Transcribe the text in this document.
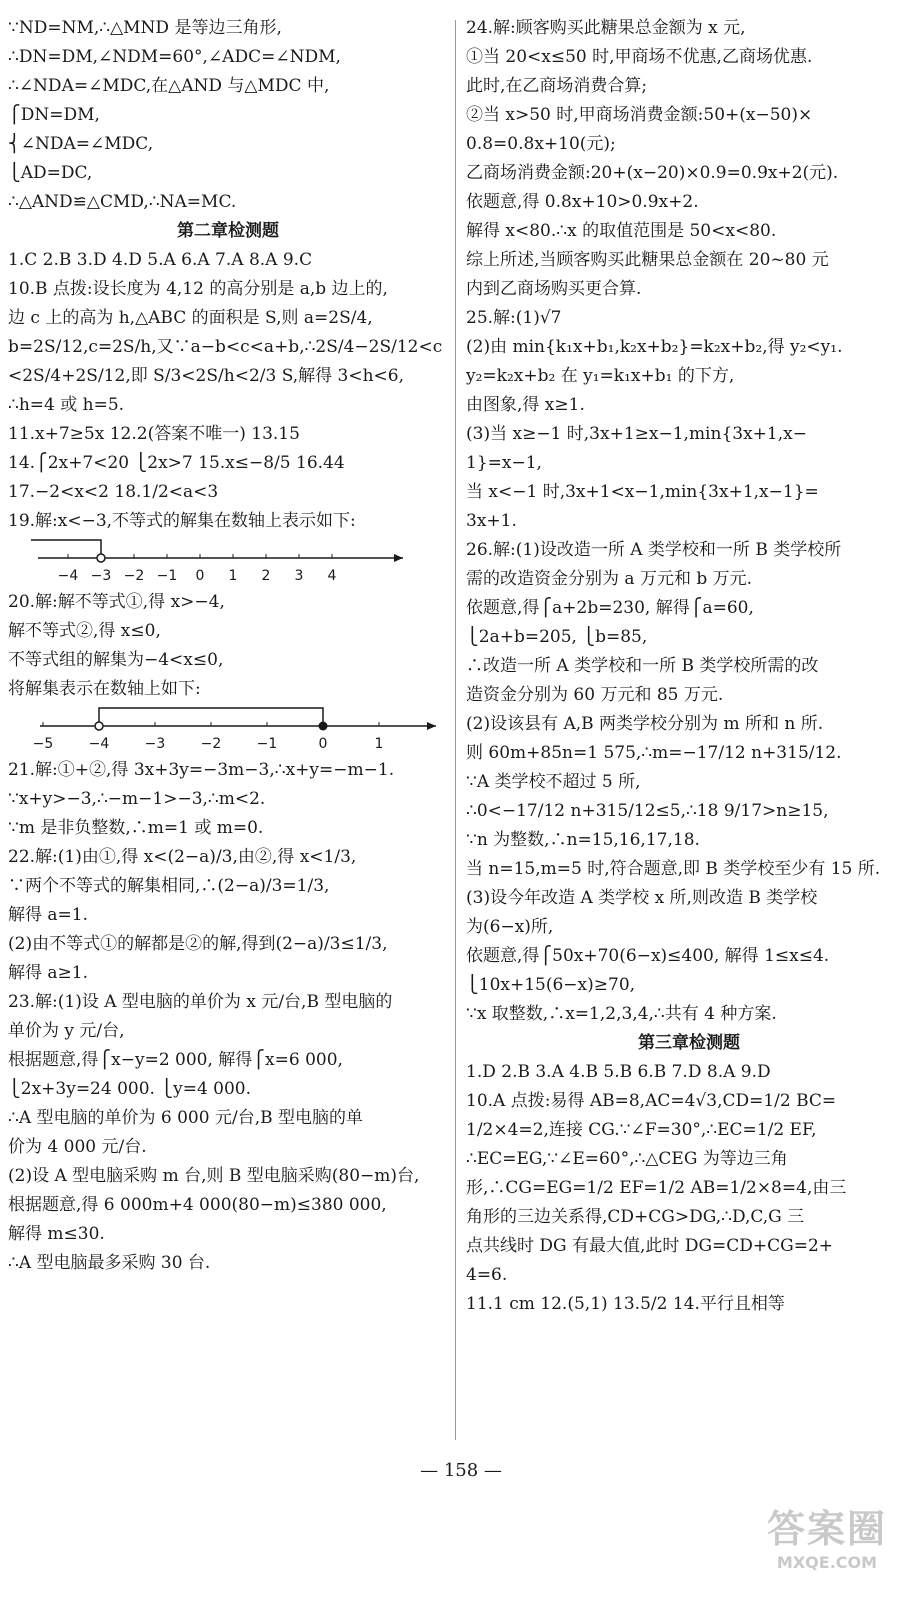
∵ND=NM,∴△MND 是等边三角形,
∴DN=DM,∠NDM=60°,∠ADC=∠NDM,
∴∠NDA=∠MDC,在△AND 与△MDC 中,
⎧DN=DM,
⎨∠NDA=∠MDC,
⎩AD=DC,
∴△AND≌△CMD,∴NA=MC.
第二章检测题
1.C 2.B 3.D 4.D 5.A 6.A 7.A 8.A 9.C
10.B 点拨:设长度为 4,12 的高分别是 a,b 边上的,
边 c 上的高为 h,△ABC 的面积是 S,则 a=2S/4,
b=2S/12,c=2S/h,又∵a−b<c<a+b,∴2S/4−2S/12<c
<2S/4+2S/12,即 S/3<2S/h<2/3 S,解得 3<h<6,
∴h=4 或 h=5.
11.x+7≥5x 12.2(答案不唯一) 13.15
14.⎧2x+7<20 ⎩2x>7 15.x≤−8/5 16.44
17.−2<x<2 18.1/2<a<3
19.解:x<−3,不等式的解集在数轴上表示如下:
−4 −3 −2 −1 0 1 2 3 4
20.解:解不等式①,得 x>−4,
解不等式②,得 x≤0,
不等式组的解集为−4<x≤0,
将解集表示在数轴上如下:
−5	−4	−3	−2	−1	0	1
21.解:①+②,得 3x+3y=−3m−3,∴x+y=−m−1.
∵x+y>−3,∴−m−1>−3,∴m<2.
∵m 是非负整数,∴m=1 或 m=0.
22.解:(1)由①,得 x<(2−a)/3,由②,得 x<1/3,
∵两个不等式的解集相同,∴(2−a)/3=1/3,
解得 a=1.
(2)由不等式①的解都是②的解,得到(2−a)/3≤1/3,
解得 a≥1.
23.解:(1)设 A 型电脑的单价为 x 元/台,B 型电脑的
单价为 y 元/台,
根据题意,得⎧x−y=2 000, 解得⎧x=6 000,
⎩2x+3y=24 000. ⎩y=4 000.
∴A 型电脑的单价为 6 000 元/台,B 型电脑的单
价为 4 000 元/台.
(2)设 A 型电脑采购 m 台,则 B 型电脑采购(80−m)台,
根据题意,得 6 000m+4 000(80−m)≤380 000,
解得 m≤30.
∴A 型电脑最多采购 30 台.
24.解:顾客购买此糖果总金额为 x 元,
①当 20<x≤50 时,甲商场不优惠,乙商场优惠.
此时,在乙商场消费合算;
②当 x>50 时,甲商场消费金额:50+(x−50)×
0.8=0.8x+10(元);
乙商场消费金额:20+(x−20)×0.9=0.9x+2(元).
依题意,得 0.8x+10>0.9x+2.
解得 x<80.∴x 的取值范围是 50<x<80.
综上所述,当顾客购买此糖果总金额在 20~80 元
内到乙商场购买更合算.
25.解:(1)√7
(2)由 min{k₁x+b₁,k₂x+b₂}=k₂x+b₂,得 y₂<y₁.
y₂=k₂x+b₂ 在 y₁=k₁x+b₁ 的下方,
由图象,得 x≥1.
(3)当 x≥−1 时,3x+1≥x−1,min{3x+1,x−
1}=x−1,
当 x<−1 时,3x+1<x−1,min{3x+1,x−1}=
3x+1.
26.解:(1)设改造一所 A 类学校和一所 B 类学校所
需的改造资金分别为 a 万元和 b 万元.
依题意,得⎧a+2b=230, 解得⎧a=60,
⎩2a+b=205, ⎩b=85,
∴改造一所 A 类学校和一所 B 类学校所需的改
造资金分别为 60 万元和 85 万元.
(2)设该县有 A,B 两类学校分别为 m 所和 n 所.
则 60m+85n=1 575,∴m=−17/12 n+315/12.
∵A 类学校不超过 5 所,
∴0<−17/12 n+315/12≤5,∴18 9/17>n≥15,
∵n 为整数,∴n=15,16,17,18.
当 n=15,m=5 时,符合题意,即 B 类学校至少有 15 所.
(3)设今年改造 A 类学校 x 所,则改造 B 类学校
为(6−x)所,
依题意,得⎧50x+70(6−x)≤400, 解得 1≤x≤4.
⎩10x+15(6−x)≥70,
∵x 取整数,∴x=1,2,3,4,∴共有 4 种方案.
第三章检测题
1.D 2.B 3.A 4.B 5.B 6.B 7.D 8.A 9.D
10.A 点拨:易得 AB=8,AC=4√3,CD=1/2 BC=
1/2×4=2,连接 CG.∵∠F=30°,∴EC=1/2 EF,
∴EC=EG,∵∠E=60°,∴△CEG 为等边三角
形,∴CG=EG=1/2 EF=1/2 AB=1/2×8=4,由三
角形的三边关系得,CD+CG>DG,∴D,C,G 三
点共线时 DG 有最大值,此时 DG=CD+CG=2+
4=6.
11.1 cm 12.(5,1) 13.5/2 14.平行且相等
— 158 —
答案圈
MXQE.COM
